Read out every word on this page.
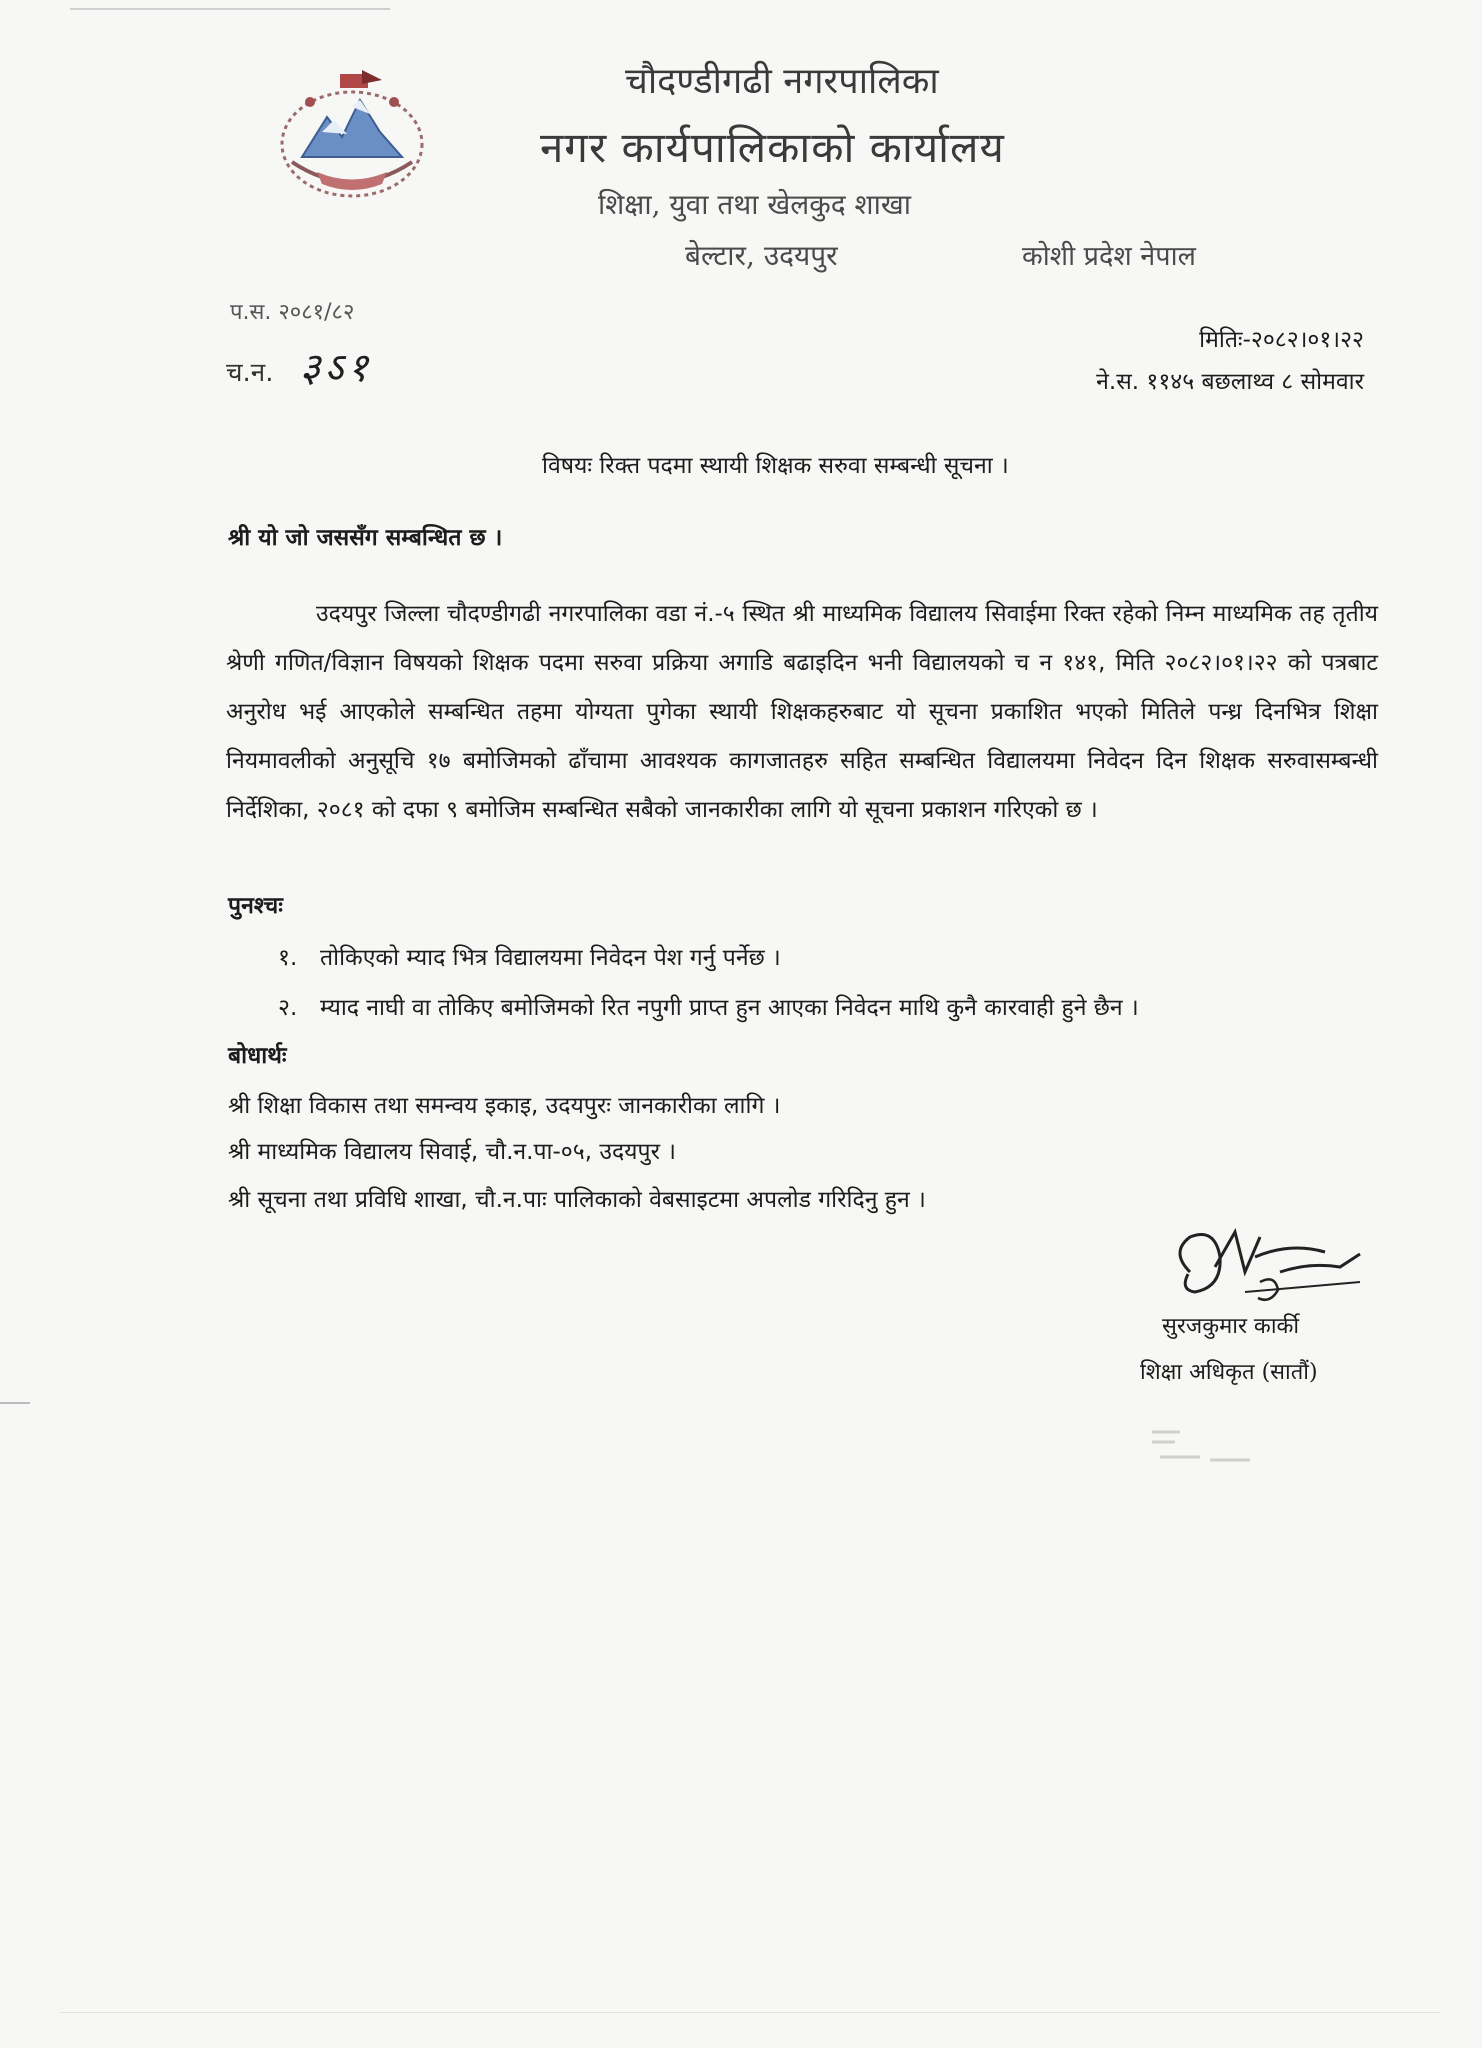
चौदण्डीगढी नगरपालिका
नगर कार्यपालिकाको कार्यालय
शिक्षा, युवा तथा खेलकुद शाखा
बेल्टार, उदयपुर	कोशी प्रदेश नेपाल
प.स. २०८१/८२
च.न. ३ऽ१
मितिः-२०८२।०१।२२
ने.स. ११४५ बछलाथ्व ८ सोमवार
विषयः रिक्त पदमा स्थायी शिक्षक सरुवा सम्बन्धी सूचना ।
श्री यो जो जससँग सम्बन्धित छ ।

उदयपुर जिल्ला चौदण्डीगढी नगरपालिका वडा नं.-५ स्थित श्री माध्यमिक विद्यालय सिवाईमा रिक्त रहेको निम्न माध्यमिक तह तृतीय श्रेणी गणित/विज्ञान विषयको शिक्षक पदमा सरुवा प्रक्रिया अगाडि बढाइदिन भनी विद्यालयको च न १४१, मिति २०८२।०१।२२ को पत्रबाट अनुरोध भई आएकोले सम्बन्धित तहमा योग्यता पुगेका स्थायी शिक्षकहरुबाट यो सूचना प्रकाशित भएको मितिले पन्ध्र दिनभित्र शिक्षा नियमावलीको अनुसूचि १७ बमोजिमको ढाँचामा आवश्यक कागजातहरु सहित सम्बन्धित विद्यालयमा निवेदन दिन शिक्षक सरुवासम्बन्धी निर्देशिका, २०८१ को दफा ९ बमोजिम सम्बन्धित सबैको जानकारीका लागि यो सूचना प्रकाशन गरिएको छ ।

पुनश्चः
१. तोकिएको म्याद भित्र विद्यालयमा निवेदन पेश गर्नु पर्नेछ ।
२. म्याद नाघी वा तोकिए बमोजिमको रित नपुगी प्राप्त हुन आएका निवेदन माथि कुनै कारवाही हुने छैन ।
बोधार्थः
श्री शिक्षा विकास तथा समन्वय इकाइ, उदयपुरः जानकारीका लागि ।
श्री माध्यमिक विद्यालय सिवाई, चौ.न.पा-०५, उदयपुर ।
श्री सूचना तथा प्रविधि शाखा, चौ.न.पाः पालिकाको वेबसाइटमा अपलोड गरिदिनु हुन ।
सुरजकुमार कार्की
शिक्षा अधिकृत (सातौं)
